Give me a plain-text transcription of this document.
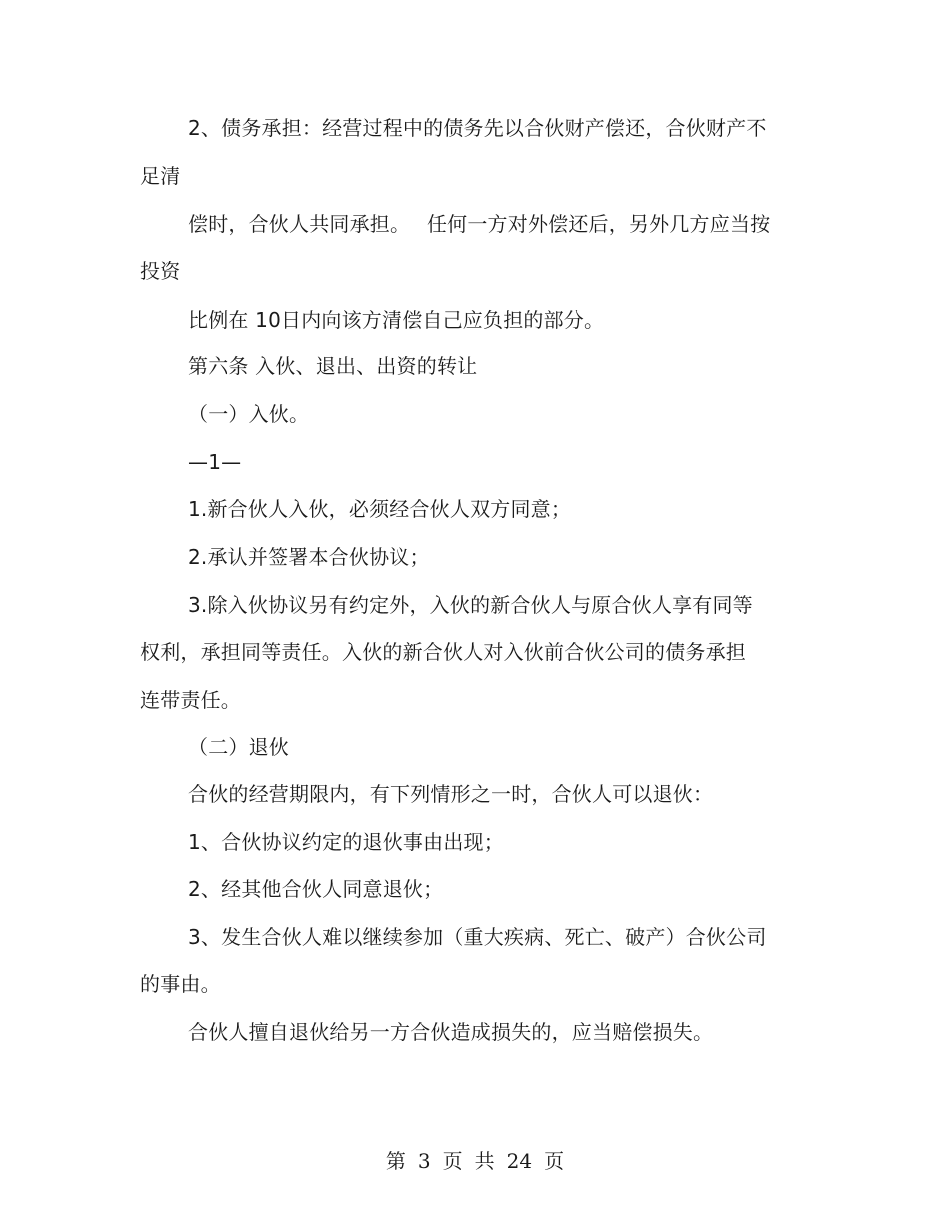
2、债务承担：经营过程中的债务先以合伙财产偿还，合伙财产不
足清
偿时，合伙人共同承担。　 任何一方对外偿还后，另外几方应当按
投资
比例在 10日内向该方清偿自己应负担的部分。
第六条 入伙、退出、出资的转让
（一）入伙。
—1—
1.新合伙人入伙，必须经合伙人双方同意；
2.承认并签署本合伙协议；
3.除入伙协议另有约定外，入伙的新合伙人与原合伙人享有同等
权利，承担同等责任。入伙的新合伙人对入伙前合伙公司的债务承担
连带责任。
（二）退伙
合伙的经营期限内，有下列情形之一时，合伙人可以退伙：
1、合伙协议约定的退伙事由出现；
2、经其他合伙人同意退伙；
3、发生合伙人难以继续参加（重大疾病、死亡、破产）合伙公司
的事由。
合伙人擅自退伙给另一方合伙造成损失的，应当赔偿损失。
第 3 页 共 24 页
